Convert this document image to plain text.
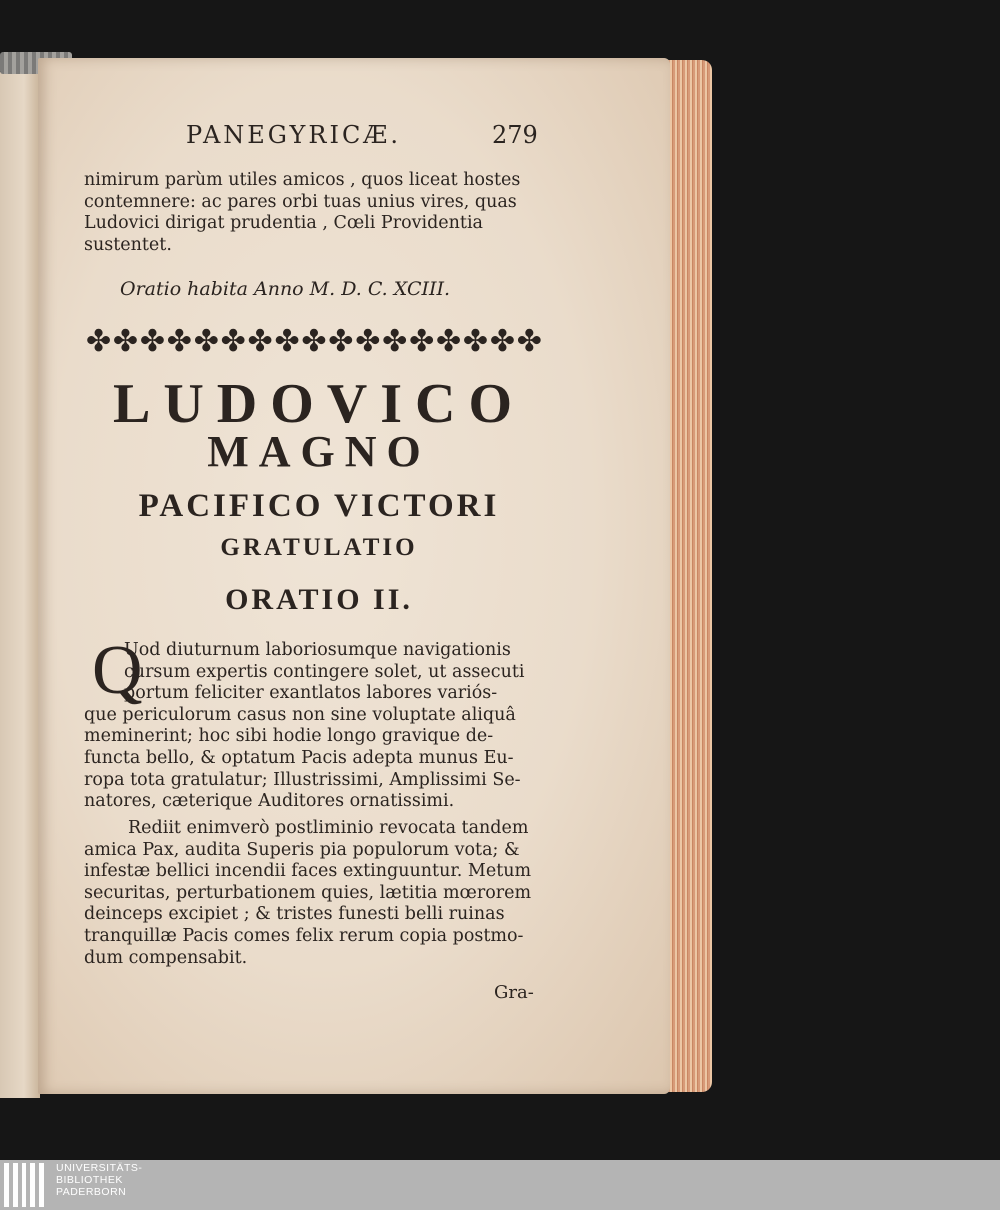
PANEGYRICÆ.	279

nimirum parùm utiles amicos , quos liceat hostes
contemnere: ac pares orbi tuas unius vires, quas
Ludovici dirigat prudentia , Cœli Providentia
sustentet.

Oratio habita Anno M. D. C. XCIII.
✤ ✤ ✤ ✤ ✤ ✤ ✤ ✤ ✤ ✤ ✤ ✤ ✤ ✤ ✤ ✤ ✤
LUDOVICO
MAGNO
PACIFICO VICTORI
GRATULATIO
ORATIO II.
Q

Uod diuturnum laboriosumque navigationis
cursum expertis contingere solet, ut assecuti
portum feliciter exantlatos labores variós-
que periculorum casus non sine voluptate aliquâ
meminerint; hoc sibi hodie longo gravique de-
functa bello, & optatum Pacis adepta munus Eu-
ropa tota gratulatur; Illustrissimi, Amplissimi Se-
natores, cæterique Auditores ornatissimi.

Rediit enimverò postliminio revocata tandem
amica Pax, audita Superis pia populorum vota; &
infestæ bellici incendii faces extinguuntur. Metum
securitas, perturbationem quies, lætitia mœrorem
deinceps excipiet ; & tristes funesti belli ruinas
tranquillæ Pacis comes felix rerum copia postmo-
dum compensabit.

Gra-
UNIVERSITÄTS-
BIBLIOTHEK
PADERBORN
